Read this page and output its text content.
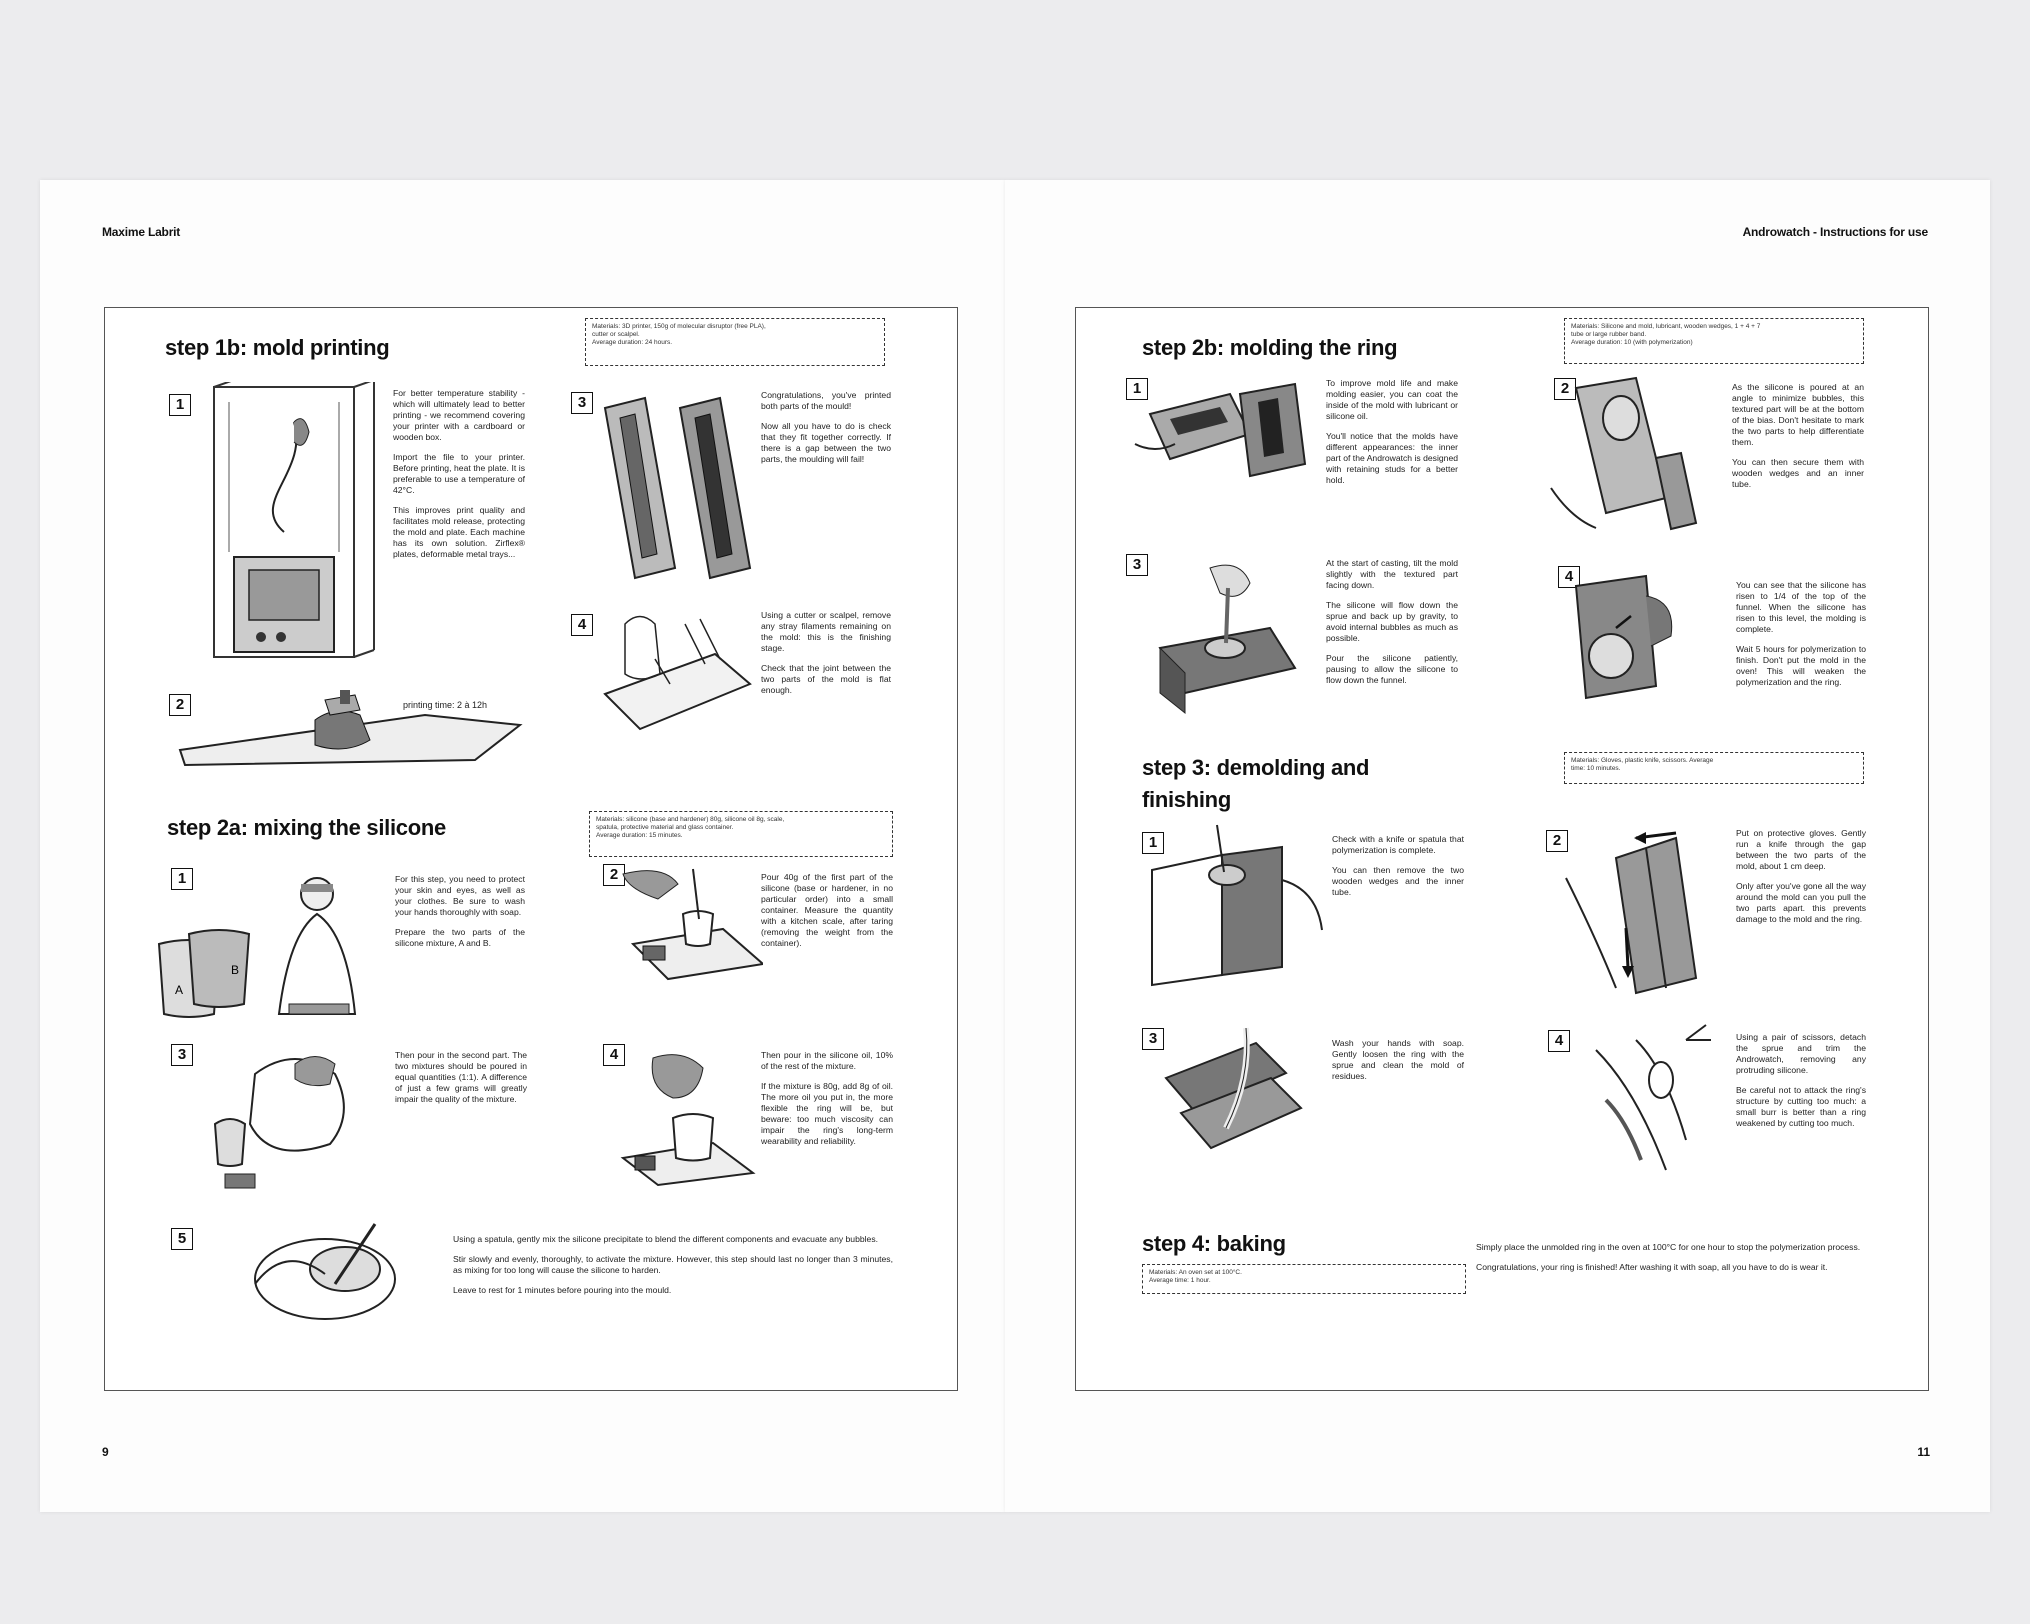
Maxime Labrit
9
step 1b: mold printing
Materials: 3D printer, 150g of molecular disruptor (free PLA),
cutter or scalpel.
Average duration: 24 hours.
1

For better temperature stability - which will ultimately lead to better printing - we recommend covering your printer with a cardboard or wooden box.

Import the file to your printer. Before printing, heat the plate. It is preferable to use a temperature of 42°C.

This improves print quality and facilitates mold release, protecting the mold and plate. Each machine has its own solution. Zirflex® plates, deformable metal trays...

2	printing time: 2 à 12h
3	Congratulations, you've printed both parts of the mould!

Now all you have to do is check that they fit together correctly. If there is a gap between the two parts, the moulding will fail!

4

Using a cutter or scalpel, remove any stray filaments remaining on the mold: this is the finishing stage.

Check that the joint between the two parts of the mold is flat enough.

step 2a: mixing the silicone	Materials: silicone (base and hardener) 80g, silicone oil 8g, scale,
spatula, protective material and glass container.
Average duration: 15 minutes.
1
A
B

For this step, you need to protect your skin and eyes, as well as your clothes. Be sure to wash your hands thoroughly with soap.

Prepare the two parts of the silicone mixture, A and B.

2	Pour 40g of the first part of the silicone (base or hardener, in no particular order) into a small container. Measure the quantity with a kitchen scale, after taring (removing the weight from the container).

3	Then pour in the second part. The two mixtures should be poured in equal quantities (1:1). A difference of just a few grams will greatly impair the quality of the mixture.

4	Then pour in the silicone oil, 10% of the rest of the mixture.

If the mixture is 80g, add 8g of oil. The more oil you put in, the more flexible the ring will be, but beware: too much viscosity can impair the ring's long-term wearability and reliability.

5	Using a spatula, gently mix the silicone precipitate to blend the different components and evacuate any bubbles.

Stir slowly and evenly, thoroughly, to activate the mixture. However, this step should last no longer than 3 minutes, as mixing for too long will cause the silicone to harden.

Leave to rest for 1 minutes before pouring into the mould.

Androwatch - Instructions for use
11
step 2b: molding the ring
Materials: Silicone and mold, lubricant, wooden wedges, 1 + 4 + 7
tube or large rubber band.
Average duration: 10 (with polymerization)
1	To improve mold life and make molding easier, you can coat the inside of the mold with lubricant or silicone oil.

You'll notice that the molds have different appearances: the inner part of the Androwatch is designed with retaining studs for a better hold.

2	As the silicone is poured at an angle to minimize bubbles, this textured part will be at the bottom of the bias. Don't hesitate to mark the two parts to help differentiate them.

You can then secure them with wooden wedges and an inner tube.

3	At the start of casting, tilt the mold slightly with the textured part facing down.

The silicone will flow down the sprue and back up by gravity, to avoid internal bubbles as much as possible.

Pour the silicone patiently, pausing to allow the silicone to flow down the funnel.

4	You can see that the silicone has risen to 1/4 of the top of the funnel. When the silicone has risen to this level, the molding is complete.

Wait 5 hours for polymerization to finish. Don't put the mold in the oven! This will weaken the polymerization and the ring.

step 3: demolding and
finishing
Materials: Gloves, plastic knife, scissors. Average
time: 10 minutes.
1	Check with a knife or spatula that polymerization is complete.

You can then remove the two wooden wedges and the inner tube.

2	Put on protective gloves. Gently run a knife through the gap between the two parts of the mold, about 1 cm deep.

Only after you've gone all the way around the mold can you pull the two parts apart. this prevents damage to the mold and the ring.

3	Wash your hands with soap. Gently loosen the ring with the sprue and clean the mold of residues.

4	Using a pair of scissors, detach the sprue and trim the Androwatch, removing any protruding silicone.

Be careful not to attack the ring's structure by cutting too much: a small burr is better than a ring weakened by cutting too much.

step 4: baking
Materials: An oven set at 100°C.
Average time: 1 hour.

Simply place the unmolded ring in the oven at 100°C for one hour to stop the polymerization process.

Congratulations, your ring is finished! After washing it with soap, all you have to do is wear it.
